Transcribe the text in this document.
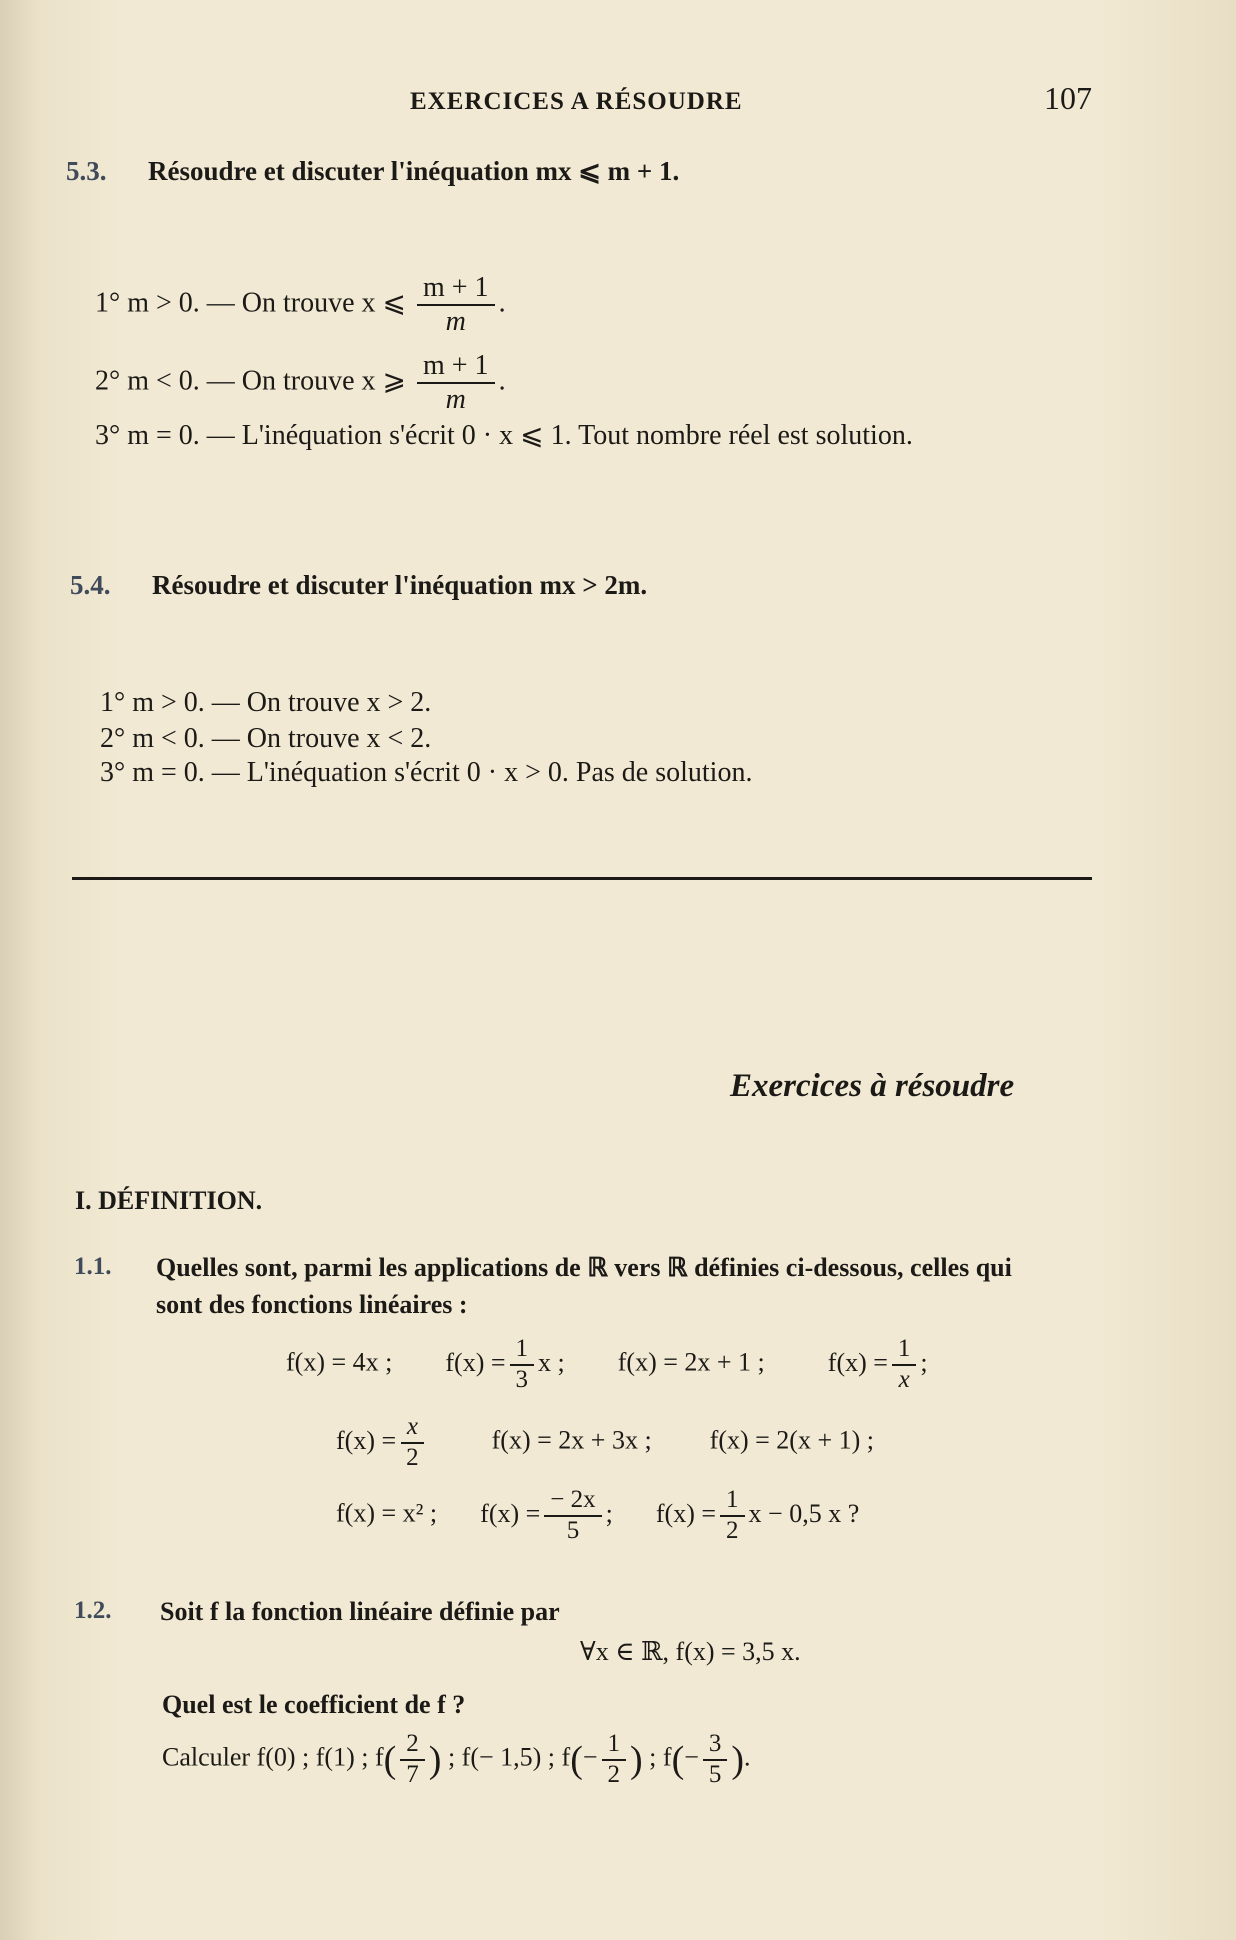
EXERCICES A RÉSOUDRE	107
5.3. Résoudre et discuter l'inéquation mx ⩽ m + 1.
1° m > 0. — On trouve x ⩽ $\frac{m + 1}{m}$ .
2° m < 0. — On trouve x ⩾ $\frac{m + 1}{m}$ .
3° m = 0. — L'inéquation s'écrit 0 · x ⩽ 1. Tout nombre réel est solution.
5.4. Résoudre et discuter l'inéquation mx > 2m.
1° m > 0. — On trouve x > 2.
2° m < 0. — On trouve x < 2.
3° m = 0. — L'inéquation s'écrit 0 · x > 0. Pas de solution.
Exercices à résoudre
I. DÉFINITION.
1.1. Quelles sont, parmi les applications de ℝ vers ℝ définies ci-dessous, celles qui
sont des fonctions linéaires :
f(x) = 4x ; $f(x) = \frac{1}{3}$ x ; f(x) = 2x + 1 ; $f(x) = \frac{1}{x}$ ;
$f(x) = \frac{x}{2}$	f(x) = 2x + 3x ; f(x) = 2(x + 1) ;
f(x) = x² ; $f(x) = \frac{- 2x}{5}$ ; $f(x) = \frac{1}{2}$ x − 0,5 x ?
1.2. Soit f la fonction linéaire définie par
∀x ∈ ℝ, f(x) = 3,5 x.
Quel est le coefficient de f ?
Calculer f(0) ; f(1) ; $f( \frac{2}{7}$ ) ; f(− 1,5) ; $f(- \frac{1}{2}$ ) ; $f(- \frac{3}{5}$ ).
